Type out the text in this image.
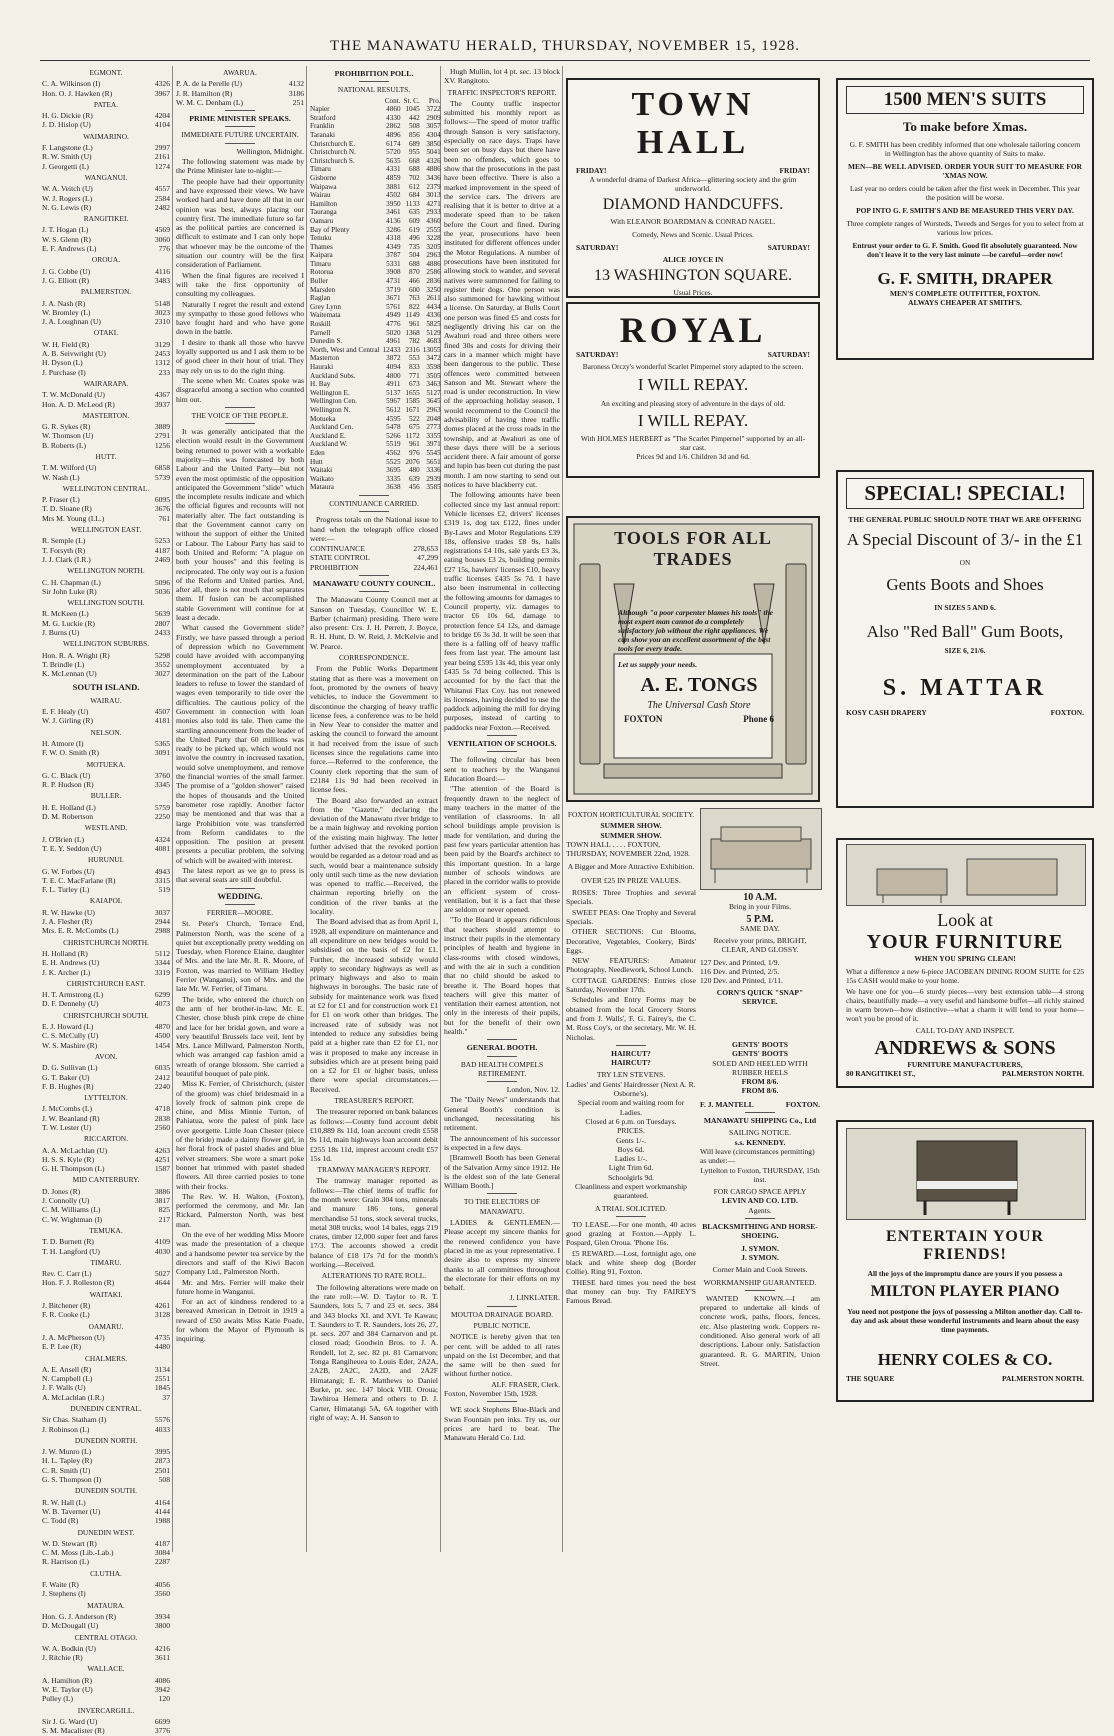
THE MANAWATU HERALD, THURSDAY, NOVEMBER 15, 1928.
EGMONT.
C. A. Wilkinson (I)	4326
Hon. O. J. Hawken (R)	3967
PATEA.
H. G. Dickie (R)	4204
J. D. Hislop (U)	4104
WAIMARINO.
F. Langstone (L)	2997
R. W. Smith (U)	2161
J. Georgetti (L)	1274
WANGANUI.
W. A. Veitch (U)	4557
W. J. Rogers (L)	2584
N. G. Lewis (R)	2482
RANGITIKEI.
J. T. Hogan (L)	4569
W. S. Glenn (R)	3060
E. F. Andrews (L)	776
OROUA.
J. G. Cobbe (U)	4116
J. G. Elliott (R)	3483
PALMERSTON.
J. A. Nash (R)	5148
W. Bromley (L)	3023
J. A. Loughnan (U)	2310
OTAKI.
W. H. Field (R)	3129
A. B. Seivwright (U)	2453
H. Dyson (L)	1312
J. Purchase (I)	233
WAIRARAPA.
T. W. McDonald (U)	4367
Hon. A. D. McLeod (R)	3937
MASTERTON.
G. R. Sykes (R)	3889
W. Thomson (U)	2791
B. Roberts (L)	1256
HUTT.
T. M. Wilford (U)	6858
W. Nash (L)	5739
WELLINGTON CENTRAL.
P. Fraser (L)	6095
T. D. Sloane (R)	3676
Mrs M. Young (I.L.)	761
WELLINGTON EAST.
R. Semple (L)	5253
T. Forsyth (R)	4187
J. J. Clark (I.R.)	2469
WELLINGTON NORTH.
C. H. Chapman (L)	5096
Sir John Luke (R)	5036
WELLINGTON SOUTH.
R. McKeen (L)	5639
M. G. Luckie (R)	2807
J. Burns (U)	2433
WELLINGTON SUBURBS.
Hon. R. A. Wright (R)	5298
T. Brindle (L)	3552
K. McLennan (U)	3027
SOUTH ISLAND.
WAIRAU.
E. F. Healy (U)	4507
W. J. Girling (R)	4181
NELSON.
H. Atmore (I)	5365
F. W. O. Smith (R)	3091
MOTUEKA.
G. C. Black (U)	3760
R. P. Hudson (R)	3345
BULLER.
H. E. Holland (L)	5759
D. M. Robertson	2250
WESTLAND.
J. O'Brien (L)	4324
T. E. Y. Seddon (U)	4081
HURUNUI.
G. W. Forbes (U)	4943
T. E. C. MacFarlane (R)	3315
F. L. Turley (L)	519
KAIAPOI.
R. W. Hawke (U)	3037
J. A. Flesher (R)	2944
Mrs. E. R. McCombs (L)	2988
CHRISTCHURCH NORTH.
H. Holland (R)	5112
E. H. Andrews (U)	3344
J. K. Archer (L)	3319
CHRISTCHURCH EAST.
H. T. Armstrong (L)	6299
D. F. Dennehy (U)	4073
CHRISTCHURCH SOUTH.
E. J. Howard (L)	4870
C. S. McCully (U)	4500
W. S. Mashire (R)	1454
AVON.
D. G. Sullivan (L)	6035
G. T. Baker (U)	2412
F. B. Hughes (R)	2240
LYTTELTON.
J. McCombs (L)	4718
J. W. Beanland (R)	2838
T. W. Lester (U)	2560
RICCARTON.
A. A. McLachlan (U)	4263
H. S. S. Kyle (R)	4251
G. H. Thompson (L)	1587
MID CANTERBURY.
D. Jones (R)	3886
J. Connolly (U)	3817
C. M. Williams (L)	825
C. W. Wightman (I)	217
TEMUKA.
T. D. Burnett (R)	4109
T. H. Langford (U)	4030
TIMARU.
Rev. C. Carr (L)	5027
Hon. F. J. Rolleston (R)	4644
WAITAKI.
J. Bitchener (R)	4261
F. R. Cooke (L)	3128
OAMARU.
J. A. McPherson (U)	4735
E. P. Lee (R)	4480
CHALMERS.
A. E. Ansell (R)	3134
N. Campbell (L)	2551
J. F. Walls (U)	1845
A. McLachlan (I.R.)	37
DUNEDIN CENTRAL.
Sir Chas. Statham (I)	5576
J. Robinson (L)	4033
DUNEDIN NORTH.
J. W. Munro (L)	3995
H. L. Tapley (R)	2873
C. R. Smith (U)	2501
G. S. Thompson (I)	508
DUNEDIN SOUTH.
R. W. Hall (L)	4164
W. B. Taverner (U)	4144
C. Todd (R)	1988
DUNEDIN WEST.
W. D. Stewart (R)	4187
C. M. Moss (Lib.-Lab.)	3084
R. Harrison (L)	2287
CLUTHA.
F. Waite (R)	4056
J. Stephens (I)	3560
MATAURA.
Hon. G. J. Anderson (R)	3934
D. McDougall (U)	3800
CENTRAL OTAGO.
W. A. Bodkin (U)	4216
J. Ritchie (R)	3611
WALLACE.
A. Hamilton (R)	4086
W. E. Taylor (U)	3942
Pulley (L)	120
INVERCARGILL.
Sir J. G. Ward (U)	6699
S. M. Macalister (R)	3776
AWARUA.
P. A. de la Perelle (U)	4132
J. R. Hamilton (R)	3186
W. M. C. Denham (L)	251
PRIME MINISTER SPEAKS.
IMMEDIATE FUTURE UNCERTAIN.
Wellington, Midnight.
The following statement was made by the Prime Minister late to-night:—
The people have had their opportunity and have expressed their views. We have worked hard and have done all that in our opinion was best, always placing our country first. The immediate future so far as the political parties are concerned is difficult to estimate and I can only hope that whoever may be the outcome of the situation our country will be the first consideration of Parliament.
When the final figures are received I will take the first opportunity of consulting my colleagues.
Naturally I regret the result and extend my sympathy to those good fellows who have fought hard and who have gone down in the battle.
I desire to thank all those who havve loyally supported us and I ask them to be of good cheer in their hour of trial. They may rely on us to do the right thing.
The scene when Mr. Coates spoke was disgraceful among a section who counted him out.
THE VOICE OF THE PEOPLE.
It was generally anticipated that the election would result in the Government being returned to power with a workable majority—this was forecasted by both Labour and the United Party—but not even the most optimistic of the opposition anticipated the Government "slide" which the incomplete results indicate and which the official figures and recounts will not materially alter. The fact outstanding is that the Government cannot carry on without the support of either the United or Labour. The Labour Party has said to both United and Reform: "A plague on both your houses" and this feeling is reciprocated. The only way out is a fusion of the Reform and United parties. And, after all, there is not much that separates them. If fusion can be accomplished stable Government will continue for at least a decade.
What caused the Government slide? Firstly, we have passed through a period of depression which no Government could have avoided with accompanying unemployment accentuated by a determination on the part of the Labour leaders to refuse to lower the standard of wages even temporarily to tide over the difficulties. The cautious policy of the Government in connection with loan monies also told its tale. Then came the startling announcement from the leader of the United Party that 60 millions was ready to be picked up, which would not involve the country in increased taxation, would solve unemployment, and remove the financial worries of the small farmer. The promise of a "golden shower" raised the hopes of thousands and the United barometer rose rapidly. Another factor may be mentioned and that was that a large Prohibition vote was transferred from Reform candidates to the opposition. The position at present presents a peculiar problem, the solving of which will be awaited with interest.
The latest report as we go to press is that several seats are still doubtful.
WEDDING.
FERRIER—MOORE.
St. Peter's Church, Terrace End, Palmerston North, was the scene of a quiet but exceptionally pretty wedding on Tuesday, when Florence Elaine, daughter of Mrs. and the late Mr. R. R. Moore, of Foxton, was married to William Hedley Ferrier (Wanganui), son of Mrs. and the late Mr. W. Ferrier, of Timaru.
The bride, who entered the church on the arm of her brother-in-law, Mr. E. Chester, chose blush pink crepe de chine and lace for her bridal gown, and wore a very beautiful Brussels lace veil, lent by Mrs. Lance Millward, Palmerston North, which was arranged cap fashion amid a wreath of orange blossom. She carried a beautiful bouquet of pale pink.
Miss K. Ferrier, of Christchurch, (sister of the groom) was chief bridesmaid in a lovely frock of salmon pink crepe de chine, and Miss Minnie Turton, of Pahiatua, wore the palest of pink lace over georgette. Little Joan Chester (niece of the bride) made a dainty flower girl, in her floral frock of pastel shades and blue velvet streamers. She wore a smart poke bonnet hat trimmed with pastel shaded flowers. All three carried posies to tone with their frocks.
The Rev. W. H. Walton, (Foxton), performed the ceremony, and Mr. Ian Rickard, Palmerston North, was best man.
On the eve of her wedding Miss Moore was made the presentation of a cheque and a handsome pewter tea service by the directors and staff of the Kiwi Bacon Company Ltd., Palmerston North.
Mr. and Mrs. Ferrier will make their future home in Wanganui.
For an act of kindness rendered to a bereaved American in Detroit in 1919 a reward of £50 awaits Miss Katie Poade, for whom the Mayor of Plymouth is inquiring.
PROHIBITION POLL.
NATIONAL RESULTS.
	Cont.	St. C.	Pro.
Napier	4860	1045	3722
Stratford	4330	442	2909
Franklin	2862	508	3057
Taranaki	4896	856	4304
Christchurch E.	6174	689	3850
Christchurch N.	5720	955	5041
Christchurch S.	5635	668	4326
Timaru	4331	688	4886
Gisborne	4859	702	3436
Waipawa	3881	612	2379
Wairau	4502	684	3013
Hamilton	3950	1133	4271
Tauranga	3461	635	2933
Oamaru	4136	609	4360
Bay of Plenty	3286	619	2555
Tenuku	4318	496	3228
Thames	4349	735	3205
Kaipara	3787	504	2963
Timaru	5331	688	4886
Rotorua	3908	870	2586
Buller	4731	466	2836
Marsden	3719	600	3250
Raglan	3671	763	2611
Grey Lynn	5761	822	4434
Waitemata	4949	1149	4336
Roskill	4776	961	5825
Parnell	5020	1368	5129
Dunedin S.	4961	782	4683
North, West and Central	12433	2316	13055
Masterton	3872	553	3472
Hauraki	4094	833	3598
Auckland Subs.	4800	771	3505
H. Bay	4911	673	3463
Wellington E.	5137	1655	5127
Wellington Cen.	5967	1585	3645
Wellington N.	5612	1671	2963
Motueka	4595	522	2048
Auckland Cen.	5478	675	2773
Auckland E.	5266	1172	3355
Auckland W.	5519	961	3971
Eden	4562	976	5545
Hutt	5525	2076	5651
Waitaki	3695	480	3336
Waikato	3335	639	2939
Mataura	3638	456	3585
CONTINUANCE CARRIED.
Progress totals on the National issue to hand when the telegraph office closed were:—
CONTINUANCE	278,653
STATE CONTROL	47,299
PROHIBITION	224,461
MANAWATU COUNTY COUNCIL.
The Manawatu County Council met at Sanson on Tuesday, Councillor W. E. Barber (chairman) presiding. There were also present: Crs. J. H. Perrett, J. Boyce, R. H. Hunt, D. W. Reid, J. McKelvie and W. Pearce.
CORRESPONDENCE.
From the Public Works Department stating that as there was a movement on foot, promoted by the owners of heavy vehicles, to induce the Government to discontinue the charging of heavy traffic license fees, a conference was to be held in New Year to consider the matter and asking the council to forward the amount it had received from the issue of such licenses since the regulations came into force.—Referred to the conference, the County clerk reporting that the sum of £2184 11s 9d had been received in license fees.
The Board also forwarded an extract from the "Gazette," declaring the deviation of the Manawatu river bridge to be a main highway and revoking portion of the existing main highway. The letter further advised that the revoked portion would be regarded as a detour road and as such, would bear a maintenance subsidy only until such time as the new deviation was opened to traffic.—Received, the chairman reporting briefly on the condition of the river banks at the locality.
The Board advised that as from April 1, 1928, all expenditure on maintenance and all expenditure on new bridges would be subsidised on the basis of £2 for £1. Further, the increased subsidy would apply to secondary highways as well as primary highways and also to main highways in boroughs. The basic rate of subsidy for maintenance work was fixed at £2 for £1 and for construction work £1 for £1 on work other than bridges. The increased rate of subsidy was not intended to reduce any subsidies being paid at a higher rate than £2 for £1, nor was it proposed to make any increase in subsidies which are at present being paid on a £2 for £1 or higher basis, unless there were special circumstances.—Received.
TREASURER'S REPORT.
The treasurer reported on bank balances as follows:—County fund account debit £10,889 8s 11d, loan account credit £558 9s 11d, main highways loan account debit £255 18s 11d, imprest account credit £57 15s 1d.
TRAMWAY MANAGER'S REPORT.
The tramway manager reported as follows:—The chief items of traffic for the month were: Grain 304 tons, minerals and manure 186 tons, general merchandise 51 tons, stock several trucks, metal 308 trucks, wool 14 bales, eggs 219 crates, timber 12,000 super feet and fares 17/3. The accounts showed a credit balance of £18 17s 7d for the month's working.—Received.
ALTERATIONS TO RATE ROLL.
The following alterations were made on the rate roll:—W. D. Taylor to R. T. Saunders, lots 5, 7 and 23 et. secs. 384 and 343 blocks XI. and XVI. Te Kawau; T. Saunders to T. R. Saunders, lots 26, 27, pt. secs. 207 and 384 Carnarvon and pt. closed road; Goodwin Bros. to J. A. Rendell, lot 2, sec. 82 pt. 81 Carnarvon; Tonga Rangiheuea to Louis Eder, 2A2A, 2A2B, 2A2C, 2A2D, and 2A2F Himatangi; E. R. Matthews to Daniel Burke, pt. sec. 147 block VIII. Oroua; Tawhiroa Hemera and others to D. J. Carter, Himatangi 5A, 6A together with right of way; A. H. Sanson to
Hugh Mullin, lot 4 pt. sec. 13 block XV. Rangitoto.
TRAFFIC INSPECTOR'S REPORT.
The County traffic inspector submitted his monthly report as follows:—The speed of motor traffic through Sanson is very satisfactory, especially on race days. Traps have been set on busy days but there have been no offenders, which goes to show that the prosecutions in the past have been effective. There is also a marked improvement in the speed of the service cars. The drivers are realising that it is better to drive at a moderate speed than to be taken before the Court and fined. During the year, prosecutions have been instituted for different offences under the Motor Regulations. A number of prosecutions have been instituted for allowing stock to wander, and several natives were summoned for failing to register their dogs. One person was also summoned for hawking without a license. On Saturday, at Bulls Court one person was fined £5 and costs for negligently driving his car on the Awahuri road and three others were fined 30s and costs for driving their cars in a manner which might have been dangerous to the public. These offences were committed between Sanson and Mt. Stewart where the road is under reconstruction. In view of the approaching holiday season, I would recommend to the Council the advisability of having three traffic domes placed at the cross roads in the township, and at Awahuri as one of these days there will be a serious accident there. A fair amount of gorse and lupin has been cut during the past month. I am now starting to send out notices to have blackberry cut.
The following amounts have been collected since my last annual report: Vehicle licenses £2, drivers' licenses £319 1s, dog tax £122, fines under By-Laws and Motor Regulations £39 18s, offensive trades £8 9s, halls registrations £4 10s, sale yards £3 3s, eating houses £3 2s, building permits £27 15s, hawkers' licenses £10, heavy traffic licenses £435 5s 7d. I have also been instrumental in collecting the following amounts for damages to Council property, viz. damages to tractor £6 10s 6d, damage to protection fence £4 12s, and damage to bridge £6 3s 3d. It will be seen that there is a falling off of heavy traffic fees from last year. The amount last year being £595 13s 4d, this year only £435 5s 7d being collected. This is accounted for by the fact that the Whitanui Flax Coy. has not renewed its licenses, having decided to use the paddock adjoining the mill for drying purposes, instead of carting to paddocks near Foxton.—Received.
VENTILATION OF SCHOOLS.
The following circular has been sent to teachers by the Wanganui Education Board:—
"The attention of the Board is frequently drawn to the neglect of many teachers in the matter of the ventilation of classrooms. In all school buildings ample provision is made for ventilation, and during the past few years particular attention has been paid by the Board's architect to this important question. In a large number of schools windows are placed in the corridor walls to provide an efficient system of cross-ventilation, but it is a fact that these are seldom or never opened.
"To the Board it appears ridiculous that teachers should attempt to instruct their pupils in the elementary principles of health and hygiene in class-rooms with closed windows, and with the air in such a condition that no child should be asked to breathe it. The Board hopes that teachers will give this matter of ventilation their earnest attention, not only in the interests of their pupils, but for the benefit of their own health."
GENERAL BOOTH.
BAD HEALTH COMPELS RETIREMENT.
London, Nov. 12.
The "Daily News" understands that General Booth's condition is unchanged, necessitating his retirement.
The announcement of his successor is expected in a few days.
[Bramwell Booth has been General of the Salvation Army since 1912. He is the eldest son of the late General William Booth.]
TO THE ELECTORS OF MANAWATU.
LADIES & GENTLEMEN.—Please accept my sincere thanks for the renewed confidence you have placed in me as your representative. I desire also to express my sincere thanks to all committees throughout the electorate for their efforts on my behalf.
J. LINKLATER.
MOUTOA DRAINAGE BOARD.
PUBLIC NOTICE.
NOTICE is hereby given that ten per cent. will be added to all rates unpaid on the 1st December, and that the same will be then sued for without further notice.
ALF. FRASER, Clerk.
Foxton, November 15th, 1928.
WE stock Stephens Blue-Black and Swan Fountain pen inks. Try us, our prices are hard to beat. The Manawatu Herald Co. Ltd.
TOWN HALL
FRIDAY!	FRIDAY!
A wonderful drama of Darkest Africa—glittering society and the grim underworld.
DIAMOND HANDCUFFS.
With ELEANOR BOARDMAN & CONRAD NAGEL.
Comedy, News and Scenic. Usual Prices.
SATURDAY!	SATURDAY!
ALICE JOYCE IN
13 WASHINGTON SQUARE.
Usual Prices.
ROYAL
SATURDAY!	SATURDAY!
Baroness Orczy's wonderful Scarlet Pimpernel story adapted to the screen.
I WILL REPAY.
An exciting and pleasing story of adventure in the days of old.
I WILL REPAY.
With HOLMES HERBERT as "The Scarlet Pimpernel" supported by an all-star cast.
Prices 9d and 1/6. Children 3d and 6d.
TOOLS FOR ALL TRADES
Although "a poor carpenter blames his tools" the most expert man cannot do a completely satisfactory job without the right appliances. We can show you an excellent assortment of the best tools for every trade.
Let us supply your needs.
A. E. TONGS
The Universal Cash Store
FOXTON	Phone 6
FOXTON HORTICULTURAL SOCIETY.
SUMMER SHOW.
SUMMER SHOW.
TOWN HALL . . . . FOXTON, THURSDAY, NOVEMBER 22nd, 1928.
A Bigger and More Attractive Exhibition.
OVER £25 IN PRIZE VALUES.
ROSES: Three Trophies and several Specials.
SWEET PEAS: One Trophy and Several Specials.
OTHER SECTIONS: Cut Blooms, Decorative, Vegetables, Cookery, Birds' Eggs.
NEW FEATURES: Amateur Photography, Needlework, School Lunch.
COTTAGE GARDENS: Entries close Saturday, November 17th.
Schedules and Entry Forms may be obtained from the local Grocery Stores and from J. Walls', F. G. Fairey's, the C. M. Ross Coy's, or the secretary, Mr. W. H. Nicholas.
HAIRCUT?
HAIRCUT?
TRY LEN STEVENS.
Ladies' and Gents' Hairdresser (Next A. R. Osborne's).
Special room and waiting room for Ladies.
Closed at 6 p.m. on Tuesdays.
PRICES.
Gents 1/-.
Boys 6d.
Ladies 1/-.
Light Trim 6d.
Schoolgirls 9d.
Cleanliness and expert workmanship guaranteed.
A TRIAL SOLICITED.
TO LEASE.—For one month, 40 acres good grazing at Foxton.—Apply L. Pospard, Glen Oroua. 'Phone 16s.
£5 REWARD.—Lost, fortnight ago, one black and white sheep dog (Border Collie). Ring 91, Foxton.
THESE hard times you need the best that money can buy. Try FAIREY'S Famous Bread.
10 A.M.
Bring in your Films.
5 P.M.
SAME DAY.
Receive your prints, BRIGHT, CLEAR, AND GLOSSY.
127 Dev. and Printed, 1/9.
116 Dev. and Printed, 2/5.
120 Dev. and Printed, 1/11.
CORN'S QUICK "SNAP" SERVICE.
GENTS' BOOTS
GENTS' BOOTS
SOLED AND HEELED WITH RUBBER HEELS
FROM 8/6.
FROM 8/6.
F. J. MANTELL	FOXTON.
MANAWATU SHIPPING Co., Ltd
SAILING NOTICE.
s.s. KENNEDY.
Will leave (circumstances permitting) as under:—
Lyttelton to Foxton, THURSDAY, 15th inst.
FOR CARGO SPACE APPLY
LEVIN AND CO. LTD.
Agents.
BLACKSMITHING AND HORSE-SHOEING.
J. SYMON.
J. SYMON.
Corner Main and Cook Streets.
WORKMANSHIP GUARANTEED.
WANTED KNOWN.—I am prepared to undertake all kinds of concrete work, paths, floors, fences, etc. Also plastering work. Coppers re-conditioned. Also general work of all descriptions. Labour only. Satisfaction guaranteed. R. G. MARTIN, Union Street.
1500 MEN'S SUITS
To make before Xmas.
G. F. SMITH has been credibly informed that one wholesale tailoring concern in Wellington has the above quantity of Suits to make.
MEN—BE WELL ADVISED. ORDER YOUR SUIT TO MEASURE FOR 'XMAS NOW.
Last year no orders could be taken after the first week in December. This year the position will be worse.
POP INTO G. F. SMITH'S AND BE MEASURED THIS VERY DAY.
Three complete ranges of Worsteds, Tweeds and Serges for you to select from at various low prices.
Entrust your order to G. F. Smith. Good fit absolutely guaranteed. Now don't leave it to the very last minute —be careful—order now!
G. F. SMITH, DRAPER
MEN'S COMPLETE OUTFITTER, FOXTON.
ALWAYS CHEAPER AT SMITH'S.
SPECIAL! SPECIAL!
THE GENERAL PUBLIC SHOULD NOTE THAT WE ARE OFFERING
A Special Discount of 3/- in the £1
ON
Gents Boots and Shoes
IN SIZES 5 AND 6.
Also "Red Ball" Gum Boots,
SIZE 6, 21/6.
S. MATTAR
KOSY CASH DRAPERY	FOXTON.
Look at
YOUR FURNITURE
WHEN YOU SPRING CLEAN!
What a difference a new 6-piece JACOBEAN DINING ROOM SUITE for £25 15s CASH would make to your home.
We have one for you—6 sturdy pieces—very best extension table—4 strong chairs, beautifully made—a very useful and handsome buffet—all richly stained in warm brown—how distinctive—what a charm it will lend to your home—won't you be proud of it.
CALL TO-DAY AND INSPECT.
ANDREWS & SONS
FURNITURE MANUFACTURERS,
80 RANGITIKEI ST.,	PALMERSTON NORTH.
ENTERTAIN YOUR FRIENDS!
All the joys of the impromptu dance are yours if you possess a
MILTON PLAYER PIANO
You need not postpone the joys of possessing a Milton another day. Call to-day and ask about these wonderful instruments and learn about the easy time payments.
HENRY COLES & CO.
THE SQUARE	PALMERSTON NORTH.
